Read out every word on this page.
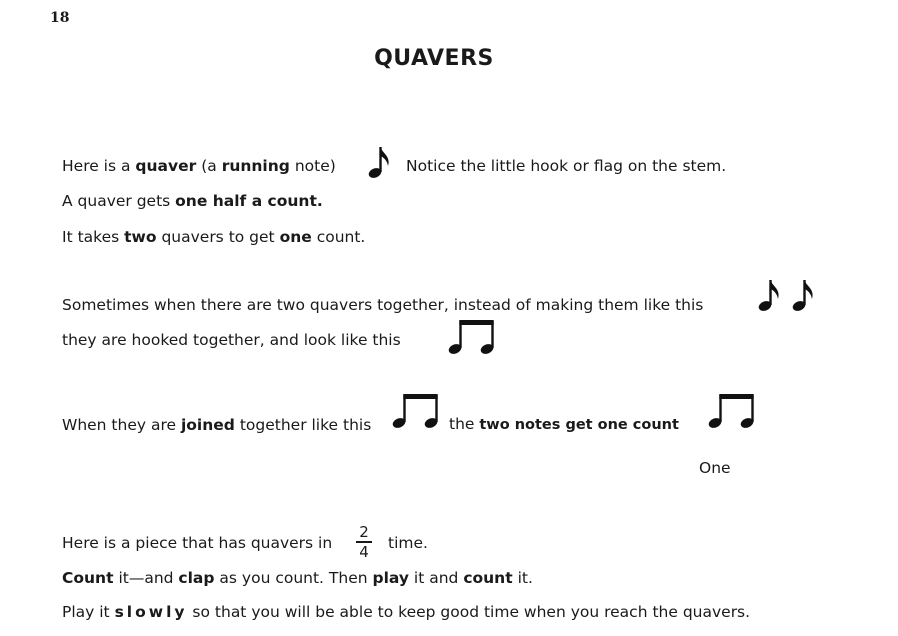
18
QUAVERS
Here is a quaver (a running note)	Notice the little hook or flag on the stem.
A quaver gets one half a count.
It takes two quavers to get one count.
Sometimes when there are two quavers together, instead of making them like this
they are hooked together, and look like this
When they are joined together like this	the two notes get one count
One
Here is a piece that has quavers in
2
4 time.
Count it—and clap as you count. Then play it and count it.
Play it slowly so that you will be able to keep good time when you reach the quavers.
